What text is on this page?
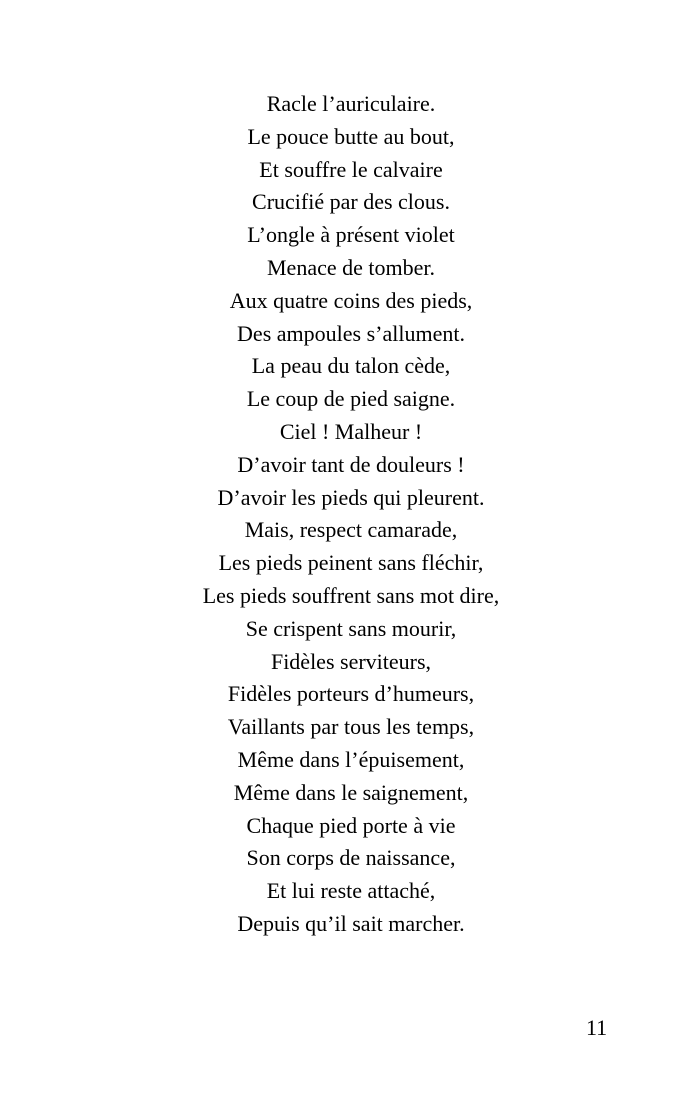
Racle l’auriculaire.
Le pouce butte au bout,
Et souffre le calvaire
Crucifié par des clous.
L’ongle à présent violet
Menace de tomber.
Aux quatre coins des pieds,
Des ampoules s’allument.
La peau du talon cède,
Le coup de pied saigne.
Ciel ! Malheur !
D’avoir tant de douleurs !
D’avoir les pieds qui pleurent.
Mais, respect camarade,
Les pieds peinent sans fléchir,
Les pieds souffrent sans mot dire,
Se crispent sans mourir,
Fidèles serviteurs,
Fidèles porteurs d’humeurs,
Vaillants par tous les temps,
Même dans l’épuisement,
Même dans le saignement,
Chaque pied porte à vie
Son corps de naissance,
Et lui reste attaché,
Depuis qu’il sait marcher.
11
